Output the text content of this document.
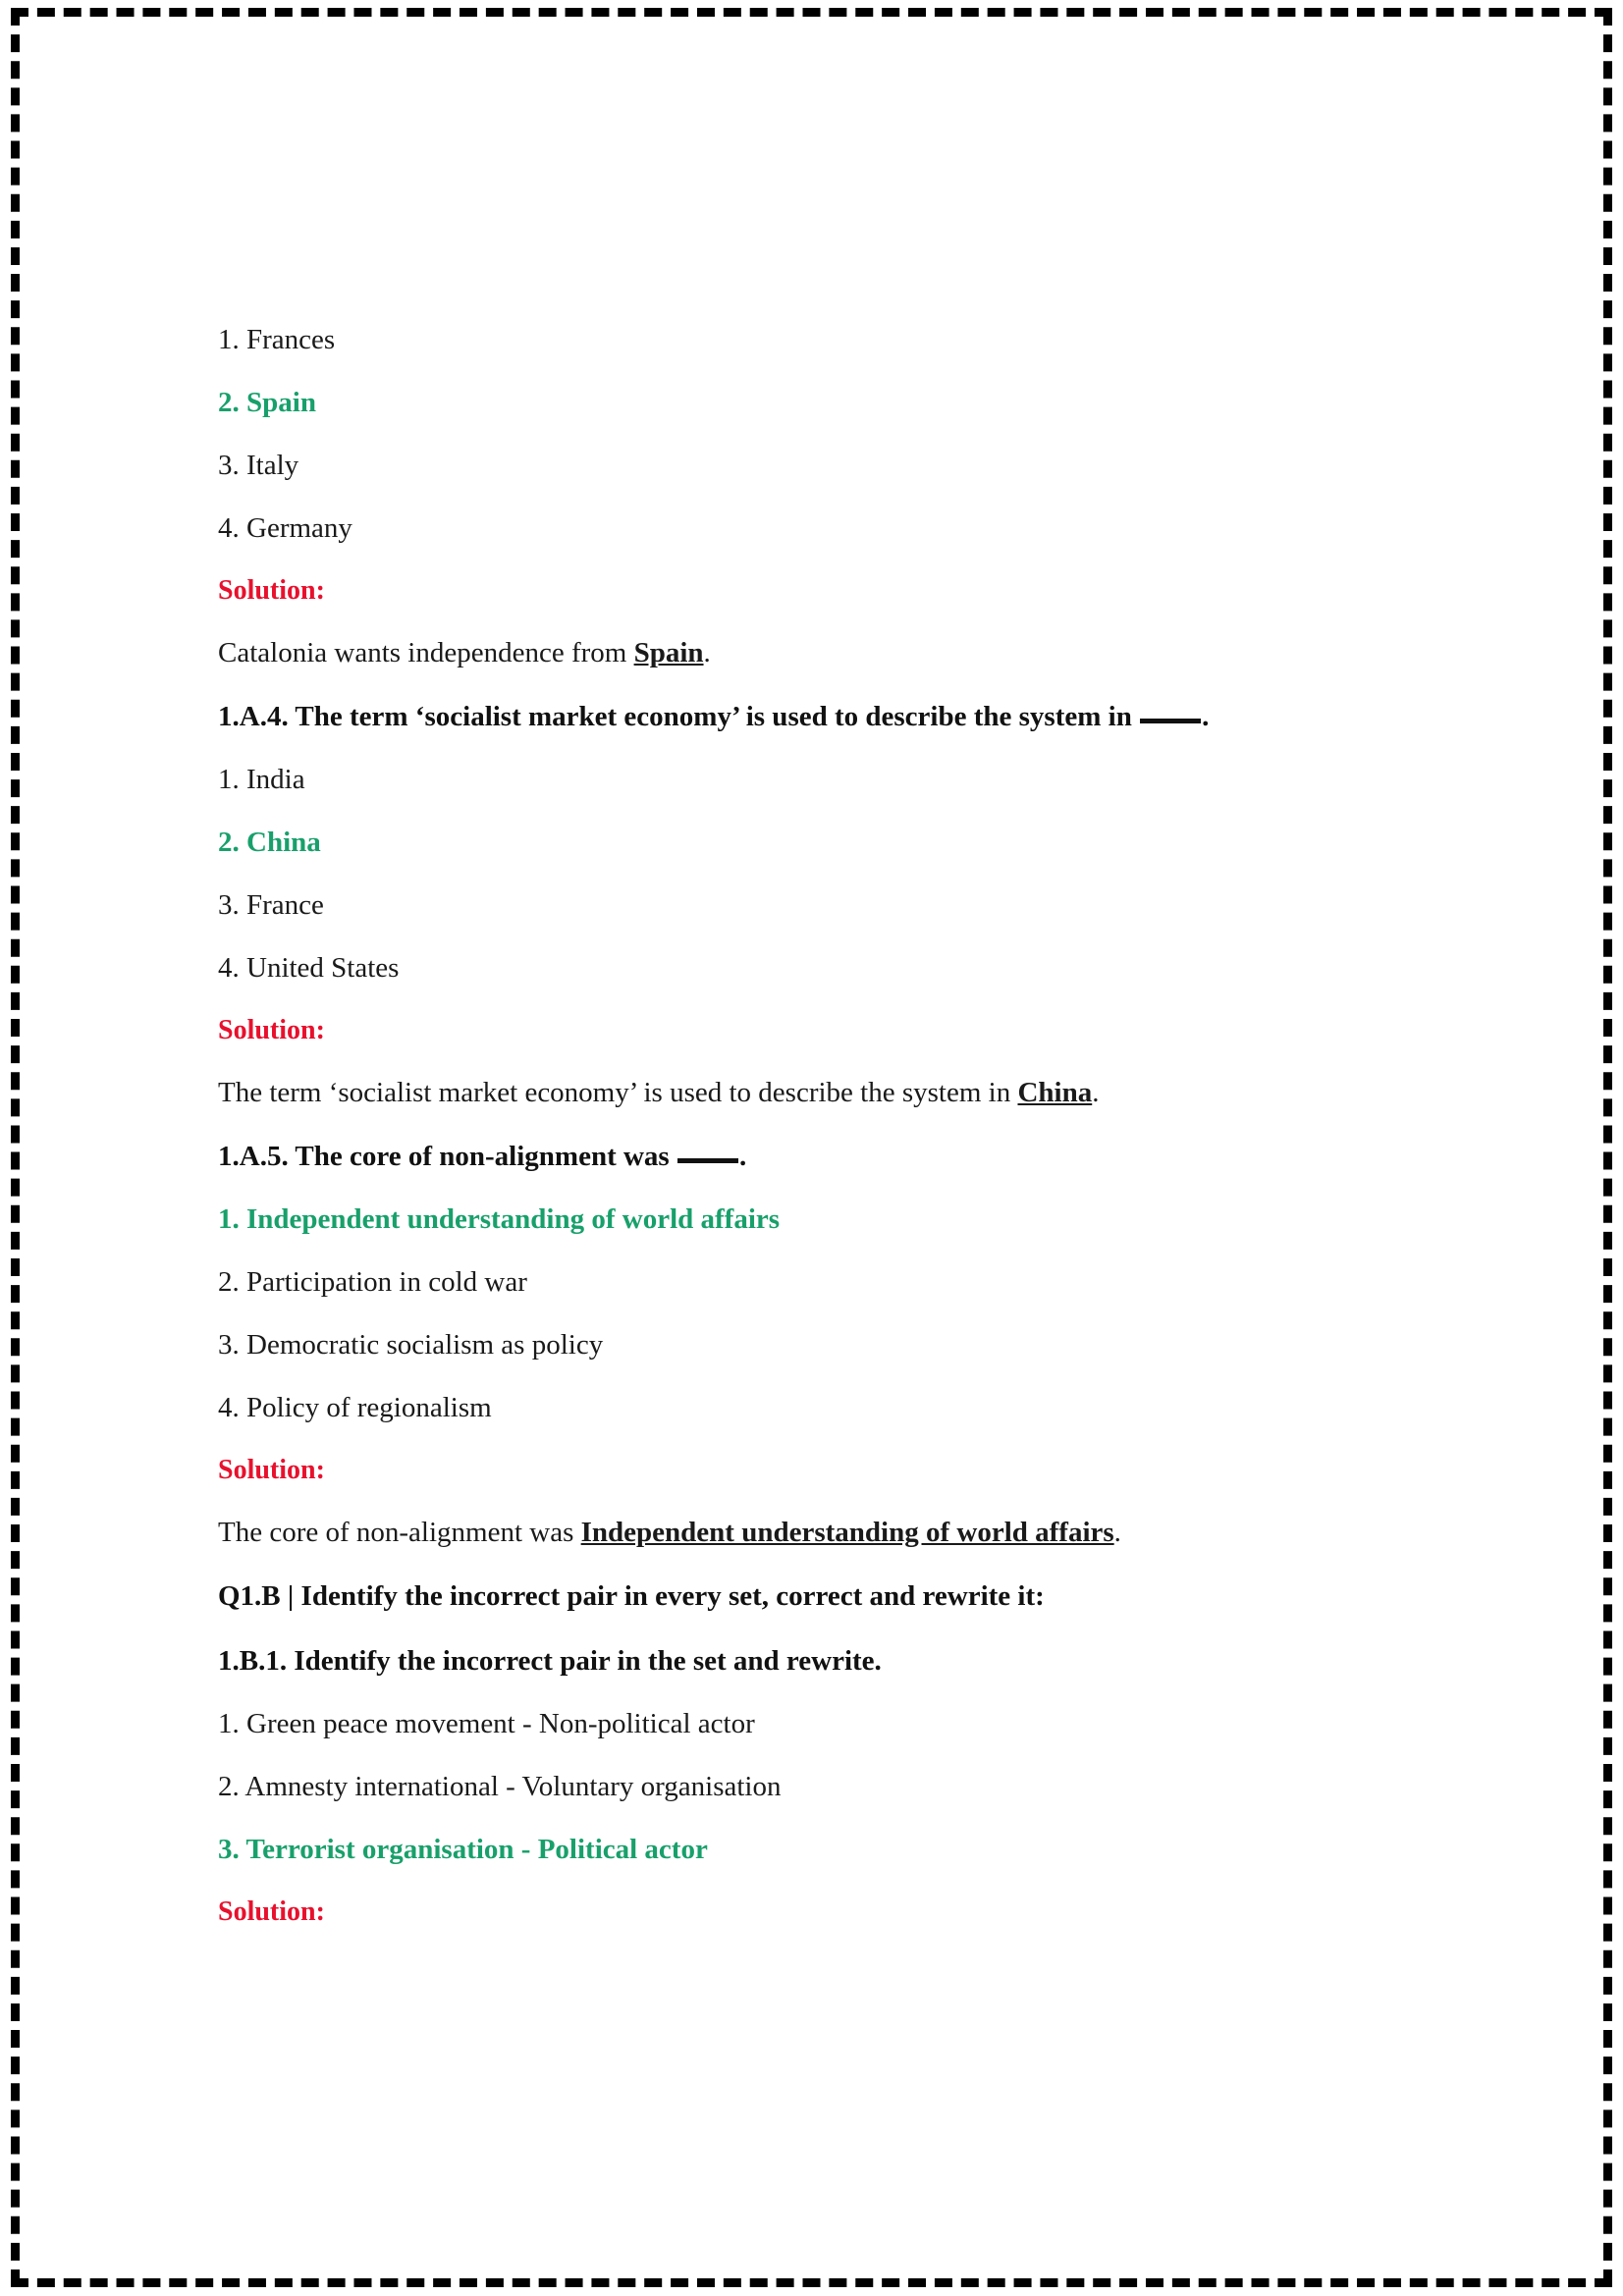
1. Frances
2. Spain
3. Italy
4. Germany
Solution:
Catalonia wants independence from Spain.
1.A.4. The term ‘socialist market economy’ is used to describe the system in .
1. India
2. China
3. France
4. United States
Solution:
The term ‘socialist market economy’ is used to describe the system in China.
1.A.5. The core of non-alignment was .
1. Independent understanding of world affairs
2. Participation in cold war
3. Democratic socialism as policy
4. Policy of regionalism
Solution:
The core of non-alignment was Independent understanding of world affairs.
Q1.B | Identify the incorrect pair in every set, correct and rewrite it:
1.B.1. Identify the incorrect pair in the set and rewrite.
1. Green peace movement - Non-political actor
2. Amnesty international - Voluntary organisation
3. Terrorist organisation - Political actor
Solution:
